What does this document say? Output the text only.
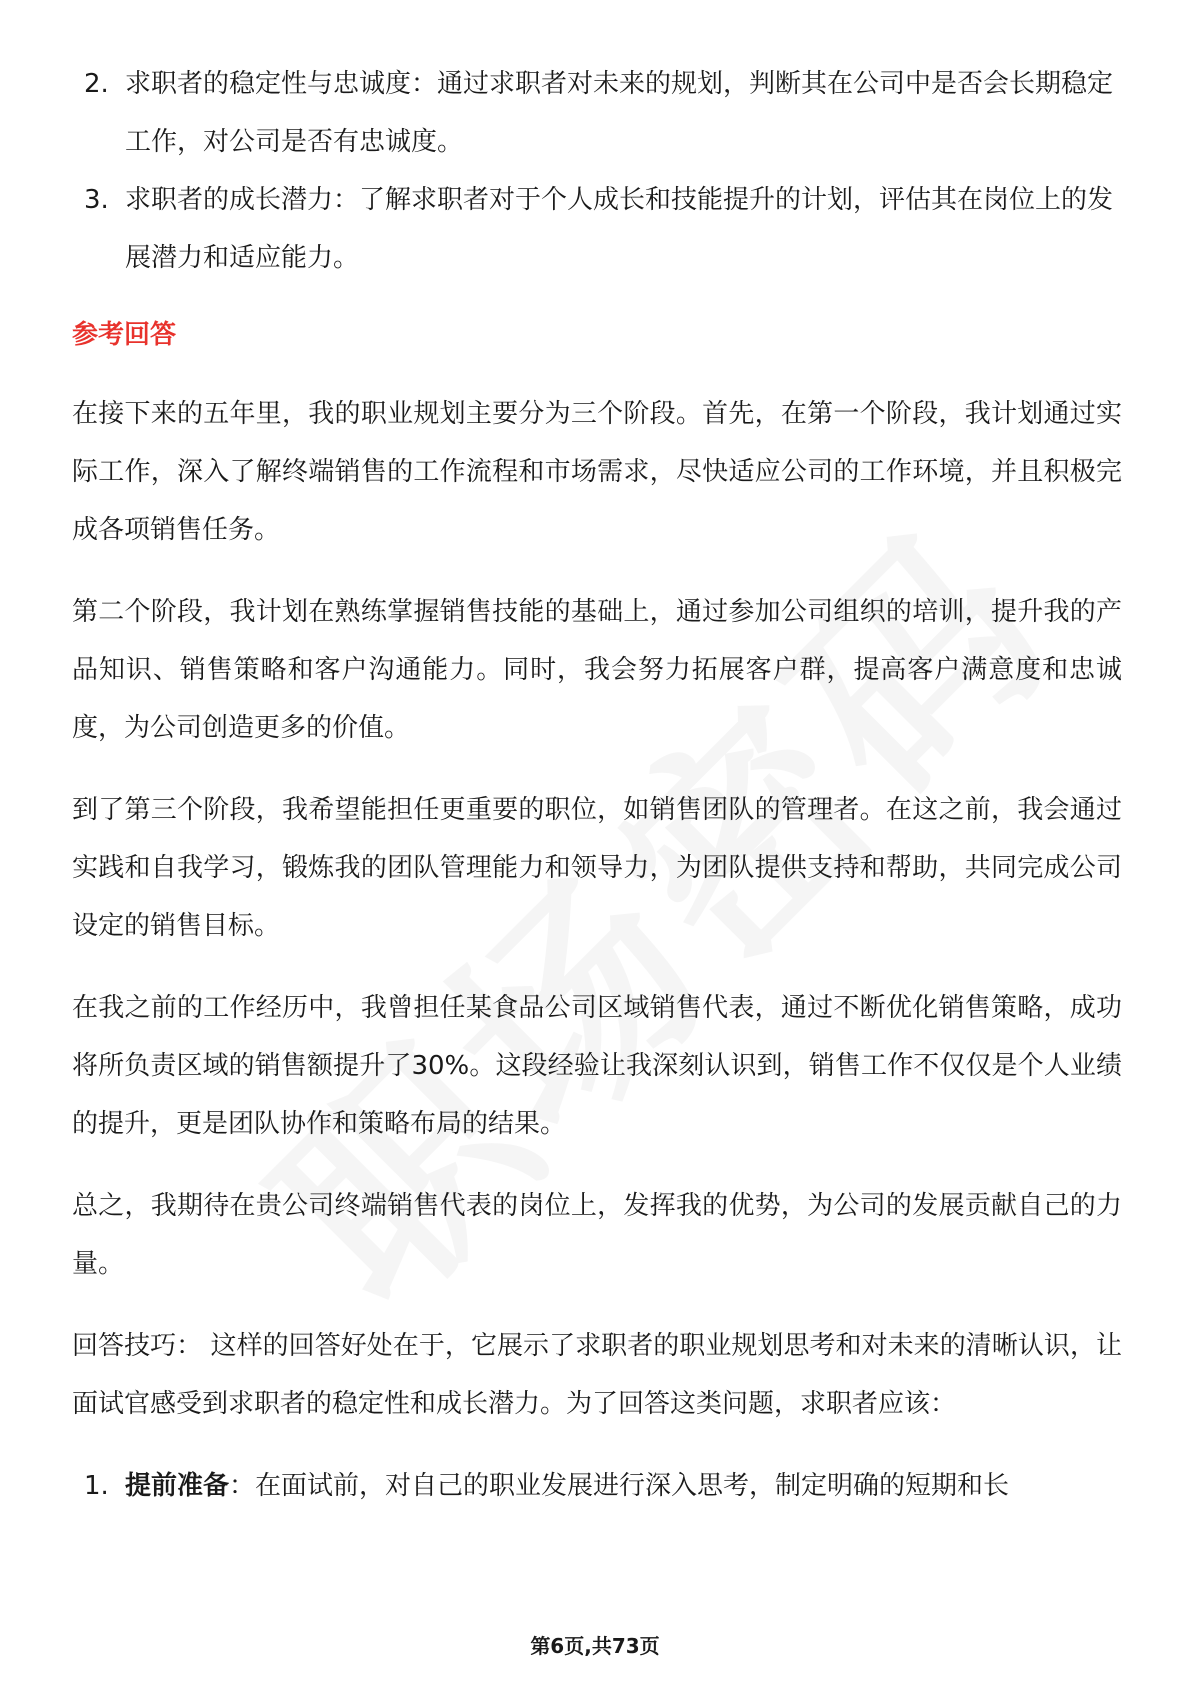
2. 求职者的稳定性与忠诚度：通过求职者对未来的规划，判断其在公司中是否会长期稳定工作，对公司是否有忠诚度。
3. 求职者的成长潜力：了解求职者对于个人成长和技能提升的计划，评估其在岗位上的发展潜力和适应能力。
参考回答

在接下来的五年里，我的职业规划主要分为三个阶段。首先，在第一个阶段，我计划通过实际工作，深入了解终端销售的工作流程和市场需求，尽快适应公司的工作环境，并且积极完成各项销售任务。

第二个阶段，我计划在熟练掌握销售技能的基础上，通过参加公司组织的培训，提升我的产品知识、销售策略和客户沟通能力。同时，我会努力拓展客户群，提高客户满意度和忠诚度，为公司创造更多的价值。

到了第三个阶段，我希望能担任更重要的职位，如销售团队的管理者。在这之前，我会通过实践和自我学习，锻炼我的团队管理能力和领导力，为团队提供支持和帮助，共同完成公司设定的销售目标。

在我之前的工作经历中，我曾担任某食品公司区域销售代表，通过不断优化销售策略，成功将所负责区域的销售额提升了30%。这段经验让我深刻认识到，销售工作不仅仅是个人业绩的提升，更是团队协作和策略布局的结果。

总之，我期待在贵公司终端销售代表的岗位上，发挥我的优势，为公司的发展贡献自己的力量。

回答技巧： 这样的回答好处在于，它展示了求职者的职业规划思考和对未来的清晰认识，让面试官感受到求职者的稳定性和成长潜力。为了回答这类问题，求职者应该：

1. 提前准备：在面试前，对自己的职业发展进行深入思考，制定明确的短期和长
第6页,共73页
